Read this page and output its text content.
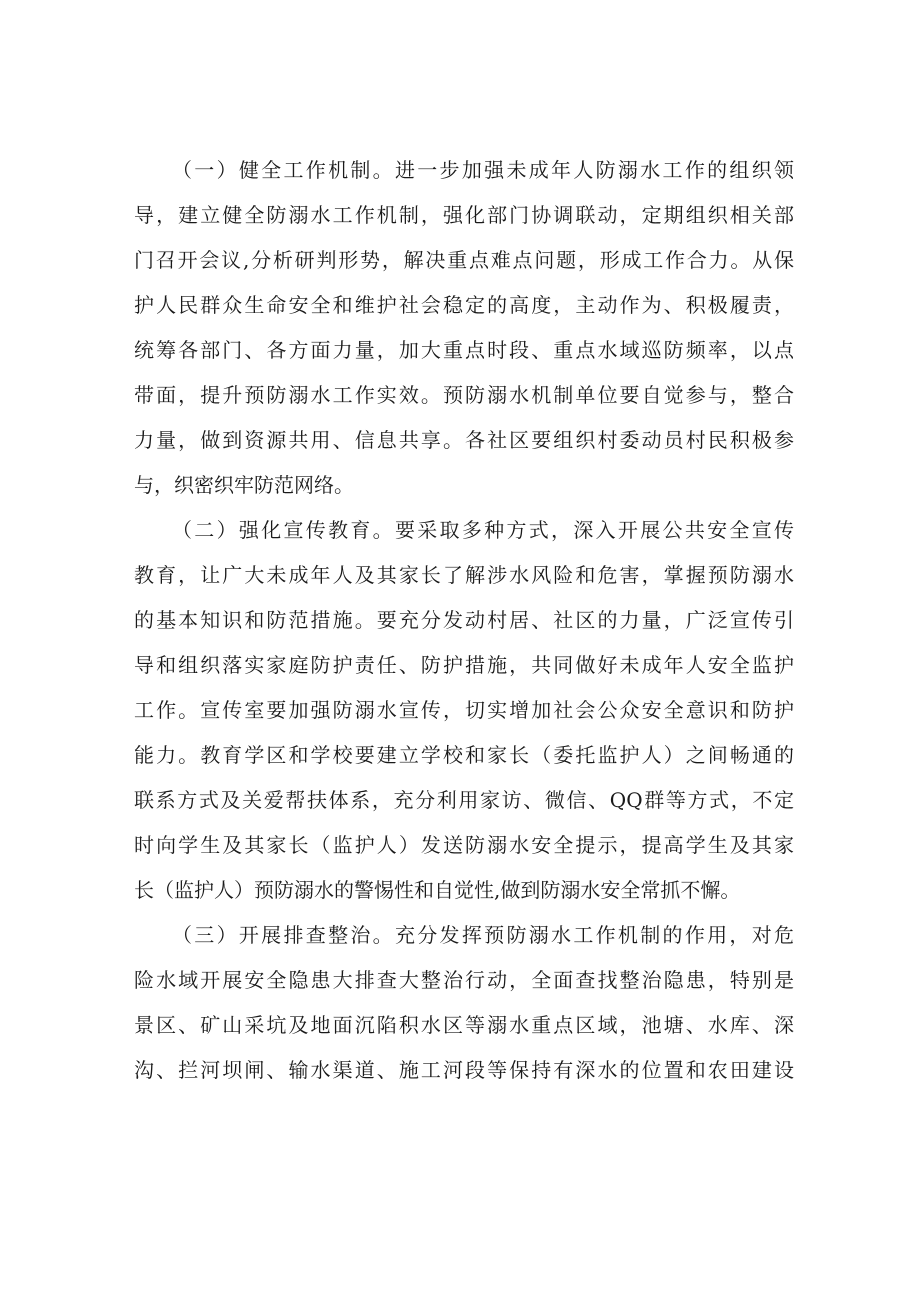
（一）健全工作机制。进一步加强未成年人防溺水工作的组织领
导，建立健全防溺水工作机制，强化部门协调联动，定期组织相关部
门召开会议,分析研判形势，解决重点难点问题，形成工作合力。从保
护人民群众生命安全和维护社会稳定的高度，主动作为、积极履责，
统筹各部门、各方面力量，加大重点时段、重点水域巡防频率，以点
带面，提升预防溺水工作实效。预防溺水机制单位要自觉参与，整合
力量，做到资源共用、信息共享。各社区要组织村委动员村民积极参
与，织密织牢防范网络。
（二）强化宣传教育。要采取多种方式，深入开展公共安全宣传
教育，让广大未成年人及其家长了解涉水风险和危害，掌握预防溺水
的基本知识和防范措施。要充分发动村居、社区的力量，广泛宣传引
导和组织落实家庭防护责任、防护措施，共同做好未成年人安全监护
工作。宣传室要加强防溺水宣传，切实增加社会公众安全意识和防护
能力。教育学区和学校要建立学校和家长（委托监护人）之间畅通的
联系方式及关爱帮扶体系，充分利用家访、微信、QQ群等方式，不定
时向学生及其家长（监护人）发送防溺水安全提示，提高学生及其家
长（监护人）预防溺水的警惕性和自觉性,做到防溺水安全常抓不懈。
（三）开展排查整治。充分发挥预防溺水工作机制的作用，对危
险水域开展安全隐患大排查大整治行动，全面查找整治隐患，特别是
景区、矿山采坑及地面沉陷积水区等溺水重点区域，池塘、水库、深
沟、拦河坝闸、输水渠道、施工河段等保持有深水的位置和农田建设
